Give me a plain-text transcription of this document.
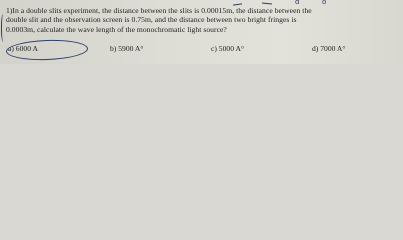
1)In a double slits experiment, the distance between the slits is 0.00015m, the distance between the
double slit and the observation screen is 0.75m, and the distance between two bright fringes is
0.0003m, calculate the wave length of the monochromatic light source?
d	o
a) 6000 A	b) 5900 A°	c) 5000 A°	d) 7000 A°
